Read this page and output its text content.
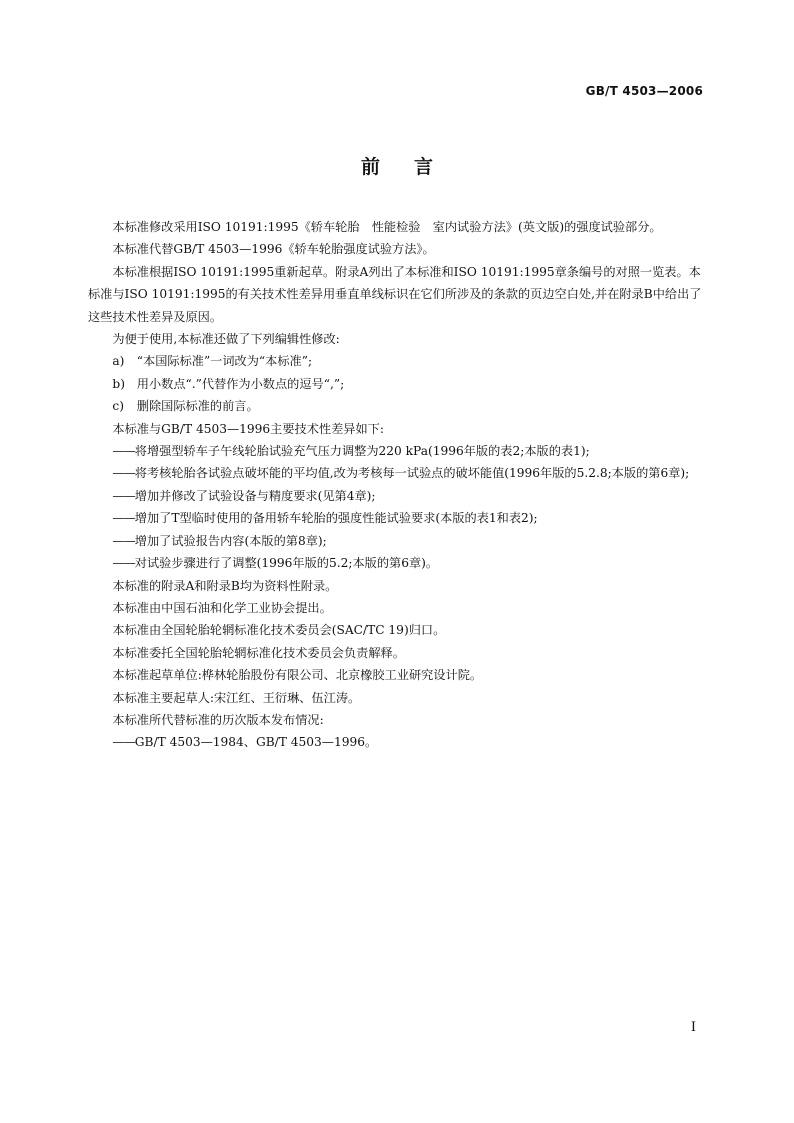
GB/T 4503—2006
前言

本标准修改采用ISO 10191:1995《轿车轮胎　性能检验　室内试验方法》(英文版)的强度试验部分。

本标准代替GB/T 4503—1996《轿车轮胎强度试验方法》。

本标准根据ISO 10191:1995重新起草。附录A列出了本标准和ISO 10191:1995章条编号的对照一览表。本标准与ISO 10191:1995的有关技术性差异用垂直单线标识在它们所涉及的条款的页边空白处,并在附录B中给出了这些技术性差异及原因。

为便于使用,本标准还做了下列编辑性修改:

a)	“本国际标准”一词改为“本标准”;
b) 用小数点“.”代替作为小数点的逗号“,”;
c)	删除国际标准的前言。

本标准与GB/T 4503—1996主要技术性差异如下:

——将增强型轿车子午线轮胎试验充气压力调整为220 kPa(1996年版的表2;本版的表1);

——将考核轮胎各试验点破坏能的平均值,改为考核每一试验点的破坏能值(1996年版的5.2.8;本版的第6章);

——增加并修改了试验设备与精度要求(见第4章);

——增加了T型临时使用的备用轿车轮胎的强度性能试验要求(本版的表1和表2);

——增加了试验报告内容(本版的第8章);

——对试验步骤进行了调整(1996年版的5.2;本版的第6章)。

本标准的附录A和附录B均为资料性附录。

本标准由中国石油和化学工业协会提出。

本标准由全国轮胎轮辋标准化技术委员会(SAC/TC 19)归口。

本标准委托全国轮胎轮辋标准化技术委员会负责解释。

本标准起草单位:桦林轮胎股份有限公司、北京橡胶工业研究设计院。

本标准主要起草人:宋江红、王衍琳、伍江涛。

本标准所代替标准的历次版本发布情况:

——GB/T 4503—1984、GB/T 4503—1996。

I
